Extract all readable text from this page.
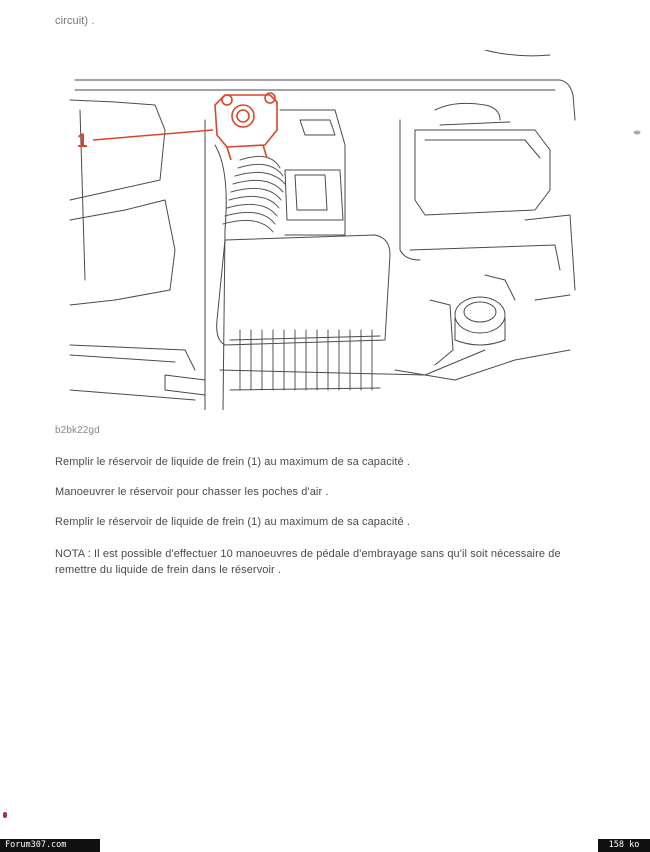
circuit) .
1
b2bk22gd
Remplir le réservoir de liquide de frein (1) au maximum de sa capacité .
Manoeuvrer le réservoir pour chasser les poches d'air .
Remplir le réservoir de liquide de frein (1) au maximum de sa capacité .
NOTA : Il est possible d'effectuer 10 manoeuvres de pédale d'embrayage sans qu'il soit nécessaire de remettre du liquide de frein dans le réservoir .
Forum307.com	158 ko
